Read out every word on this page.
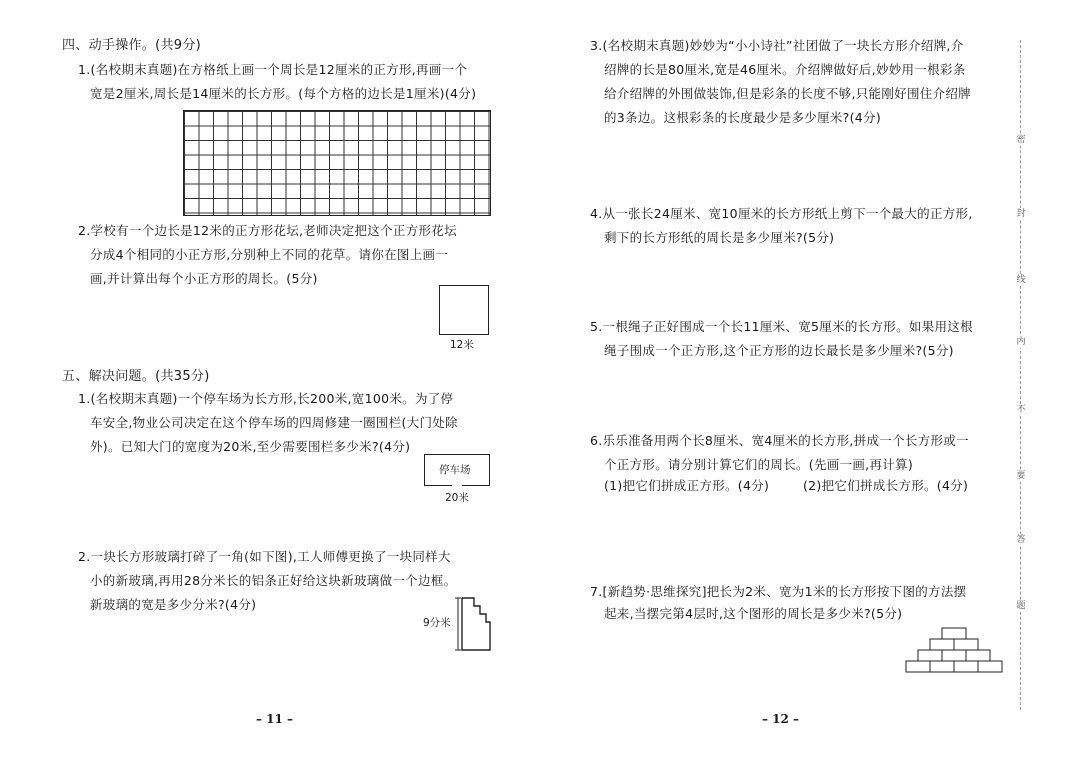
四、动手操作。(共9分)
1.(名校期末真题)在方格纸上画一个周长是12厘米的正方形,再画一个
宽是2厘米,周长是14厘米的长方形。(每个方格的边长是1厘米)(4分)
2.学校有一个边长是12米的正方形花坛,老师决定把这个正方形花坛
分成4个相同的小正方形,分别种上不同的花草。请你在图上画一
画,并计算出每个小正方形的周长。(5分)
12米
五、解决问题。(共35分)
1.(名校期末真题)一个停车场为长方形,长200米,宽100米。为了停
车安全,物业公司决定在这个停车场的四周修建一圈围栏(大门处除
外)。已知大门的宽度为20米,至少需要围栏多少米?(4分)
停车场
20米
2.一块长方形玻璃打碎了一角(如下图),工人师傅更换了一块同样大
小的新玻璃,再用28分米长的铝条正好给这块新玻璃做一个边框。
新玻璃的宽是多少分米?(4分)
9分米
– 11 –
3.(名校期末真题)妙妙为“小小诗社”社团做了一块长方形介绍牌,介
绍牌的长是80厘米,宽是46厘米。介绍牌做好后,妙妙用一根彩条
给介绍牌的外围做装饰,但是彩条的长度不够,只能刚好围住介绍牌
的3条边。这根彩条的长度最少是多少厘米?(4分)
4.从一张长24厘米、宽10厘米的长方形纸上剪下一个最大的正方形,
剩下的长方形纸的周长是多少厘米?(5分)
5.一根绳子正好围成一个长11厘米、宽5厘米的长方形。如果用这根
绳子围成一个正方形,这个正方形的边长最长是多少厘米?(5分)
6.乐乐准备用两个长8厘米、宽4厘米的长方形,拼成一个长方形或一
个正方形。请分别计算它们的周长。(先画一画,再计算)
(1)把它们拼成正方形。(4分)	(2)把它们拼成长方形。(4分)
7.[新趋势·思维探究]把长为2米、宽为1米的长方形按下图的方法摆
起来,当摆完第4层时,这个图形的周长是多少米?(5分)
– 12 –
密
封
线
内
不
要
答
题
